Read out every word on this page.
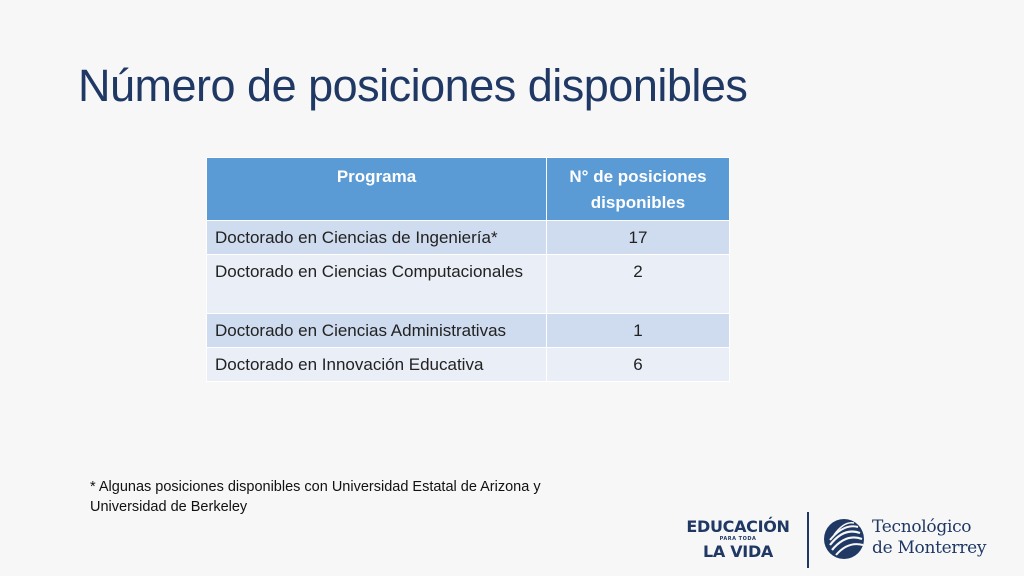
Número de posiciones disponibles
Programa	N° de posiciones disponibles
Doctorado en Ciencias de Ingeniería*	17
Doctorado en Ciencias Computacionales	2
Doctorado en Ciencias Administrativas	1
Doctorado en Innovación Educativa	6

* Algunas posiciones disponibles con Universidad Estatal de Arizona y Universidad de Berkeley

EDUCACIÓN
PARA TODA
LA VIDA
Tecnológico
de Monterrey
